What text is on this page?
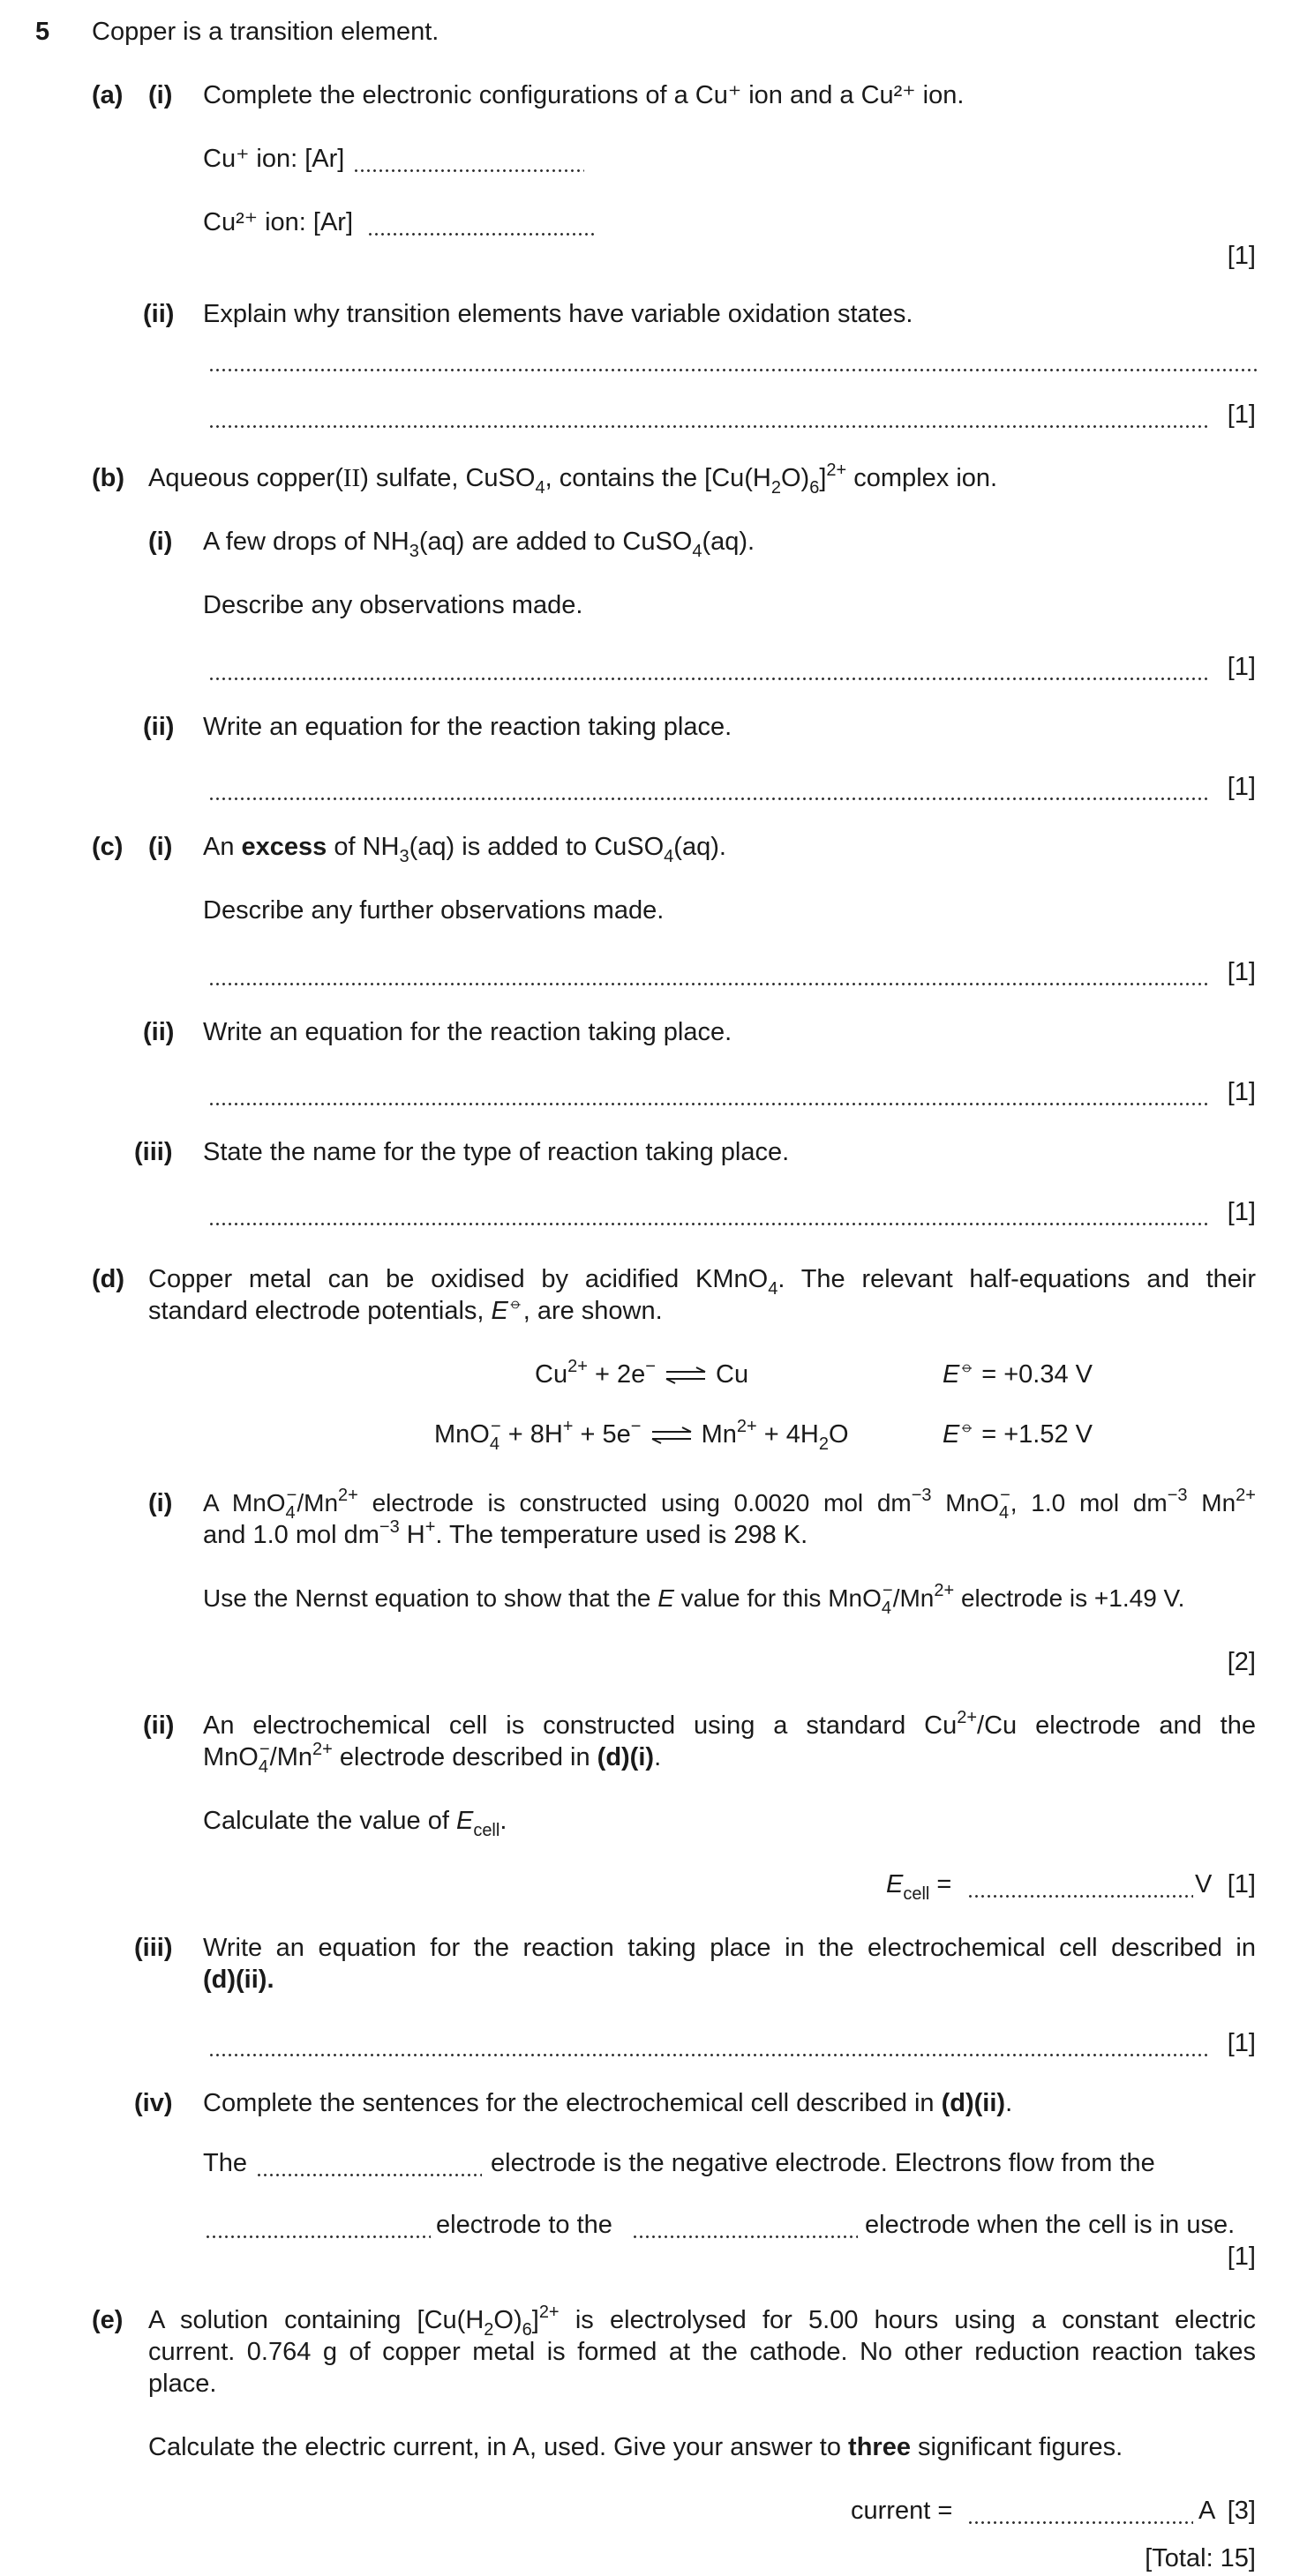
5 Copper is a transition element.
(a) (i) Complete the electronic configurations of a Cu⁺ ion and a Cu²⁺ ion.
Cu⁺ ion: [Ar]
Cu²⁺ ion: [Ar]
[1]
(ii) Explain why transition elements have variable oxidation states.
[1]
(b) Aqueous copper(II) sulfate, CuSO$_4$, contains the $[Cu(H_2O)_6]^{2+}$ complex ion.
(i) A few drops of $NH_3(aq)$ are added to CuSO$_4$(aq).
Describe any observations made.
[1]
(ii) Write an equation for the reaction taking place.
[1]
(c) (i) An excess of $NH_3(aq)$ is added to CuSO$_4$(aq).
Describe any further observations made.
[1]
(ii) Write an equation for the reaction taking place.
[1]
(iii) State the name for the type of reaction taking place.
[1]
(d) Copper metal can be oxidised by acidified KMnO$_4$. The relevant half-equations and their
standard electrode potentials, E⦵, are shown.
$Cu^{2+} + 2e^-$  Cu	E⦵ = +0.34 V
MnO$_4$− + 8H+ + 5e−  $Mn^{2+} + 4H_2O$	E⦵ = +1.52 V
(i) A $MnO_4^-/Mn^{2+}$ electrode is constructed using 0.0020 mol $dm^{-3}$ MnO$_4$−, 1.0 mol $dm^{-3}$ $Mn^{2+}$
and 1.0 mol $dm^{-3}$ H+. The temperature used is 298 K.
Use the Nernst equation to show that the E value for this $MnO_4^-/Mn^{2+}$ electrode is +1.49 V.
[2]
(ii) An electrochemical cell is constructed using a standard $Cu^{2+}/Cu$ electrode and the
$MnO_4^-/Mn^{2+}$ electrode described in (d)(i).
Calculate the value of $E_{cell}$.
$E_{cell}$ =	V [1]
(iii) Write an equation for the reaction taking place in the electrochemical cell described in
(d)(ii).
[1]
(iv) Complete the sentences for the electrochemical cell described in (d)(ii).
The	electrode is the negative electrode. Electrons flow from the
electrode to the	electrode when the cell is in use.
[1]
(e) A solution containing $[Cu(H_2O)_6]^{2+}$ is electrolysed for 5.00 hours using a constant electric
current. 0.764 g of copper metal is formed at the cathode. No other reduction reaction takes
place.
Calculate the electric current, in A, used. Give your answer to three significant figures.
current =	A [3]
[Total: 15]
